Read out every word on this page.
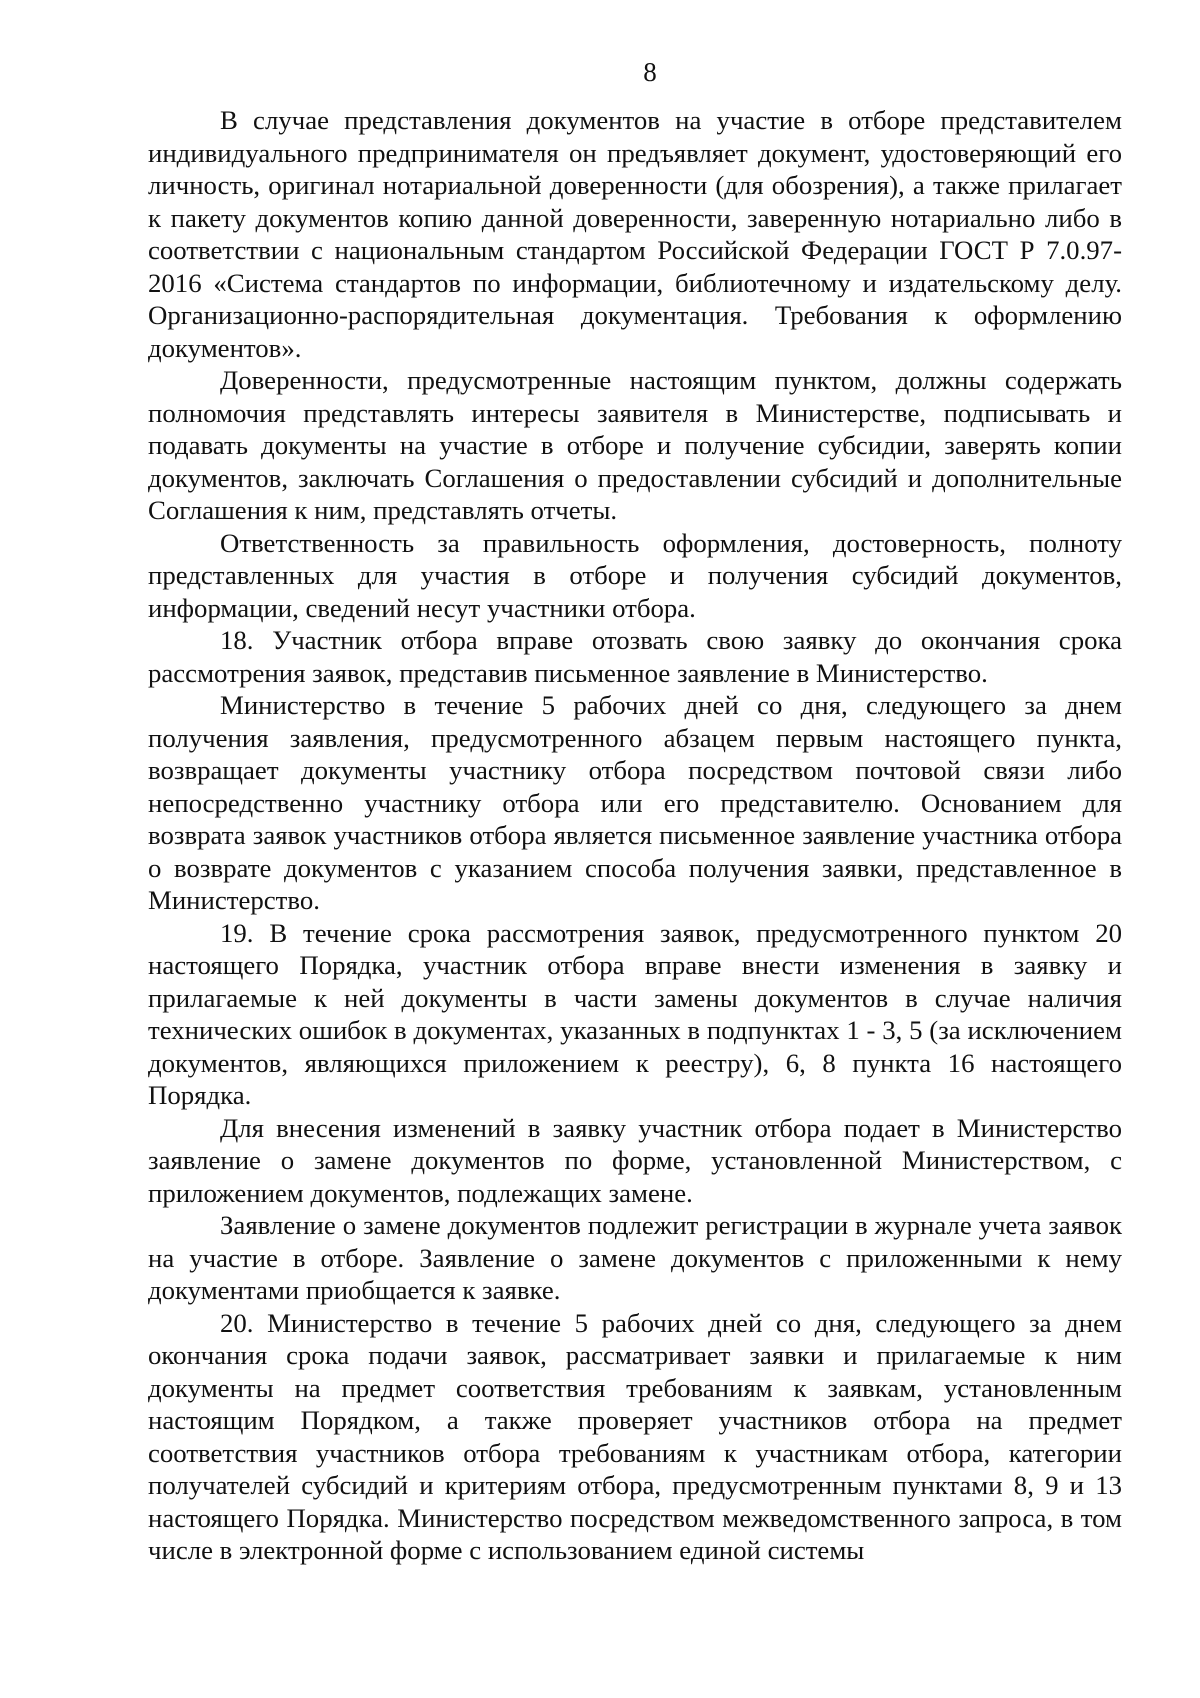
8

В случае представления документов на участие в отборе представителем индивидуального предпринимателя он предъявляет документ, удостоверяющий его личность, оригинал нотариальной доверенности (для обозрения), а также прилагает к пакету документов копию данной доверенности, заверенную нотариально либо в соответствии с национальным стандартом Российской Федерации ГОСТ Р 7.0.97-2016 «Система стандартов по информации, библиотечному и издательскому делу. Организационно-распорядительная документация. Требования к оформлению документов».

Доверенности, предусмотренные настоящим пунктом, должны содержать полномочия представлять интересы заявителя в Министерстве, подписывать и подавать документы на участие в отборе и получение субсидии, заверять копии документов, заключать Соглашения о предоставлении субсидий и дополнительные Соглашения к ним, представлять отчеты.

Ответственность за правильность оформления, достоверность, полноту представленных для участия в отборе и получения субсидий документов, информации, сведений несут участники отбора.

18. Участник отбора вправе отозвать свою заявку до окончания срока рассмотрения заявок, представив письменное заявление в Министерство.

Министерство в течение 5 рабочих дней со дня, следующего за днем получения заявления, предусмотренного абзацем первым настоящего пункта, возвращает документы участнику отбора посредством почтовой связи либо непосредственно участнику отбора или его представителю. Основанием для возврата заявок участников отбора является письменное заявление участника отбора о возврате документов с указанием способа получения заявки, представленное в Министерство.

19. В течение срока рассмотрения заявок, предусмотренного пунктом 20 настоящего Порядка, участник отбора вправе внести изменения в заявку и прилагаемые к ней документы в части замены документов в случае наличия технических ошибок в документах, указанных в подпунктах 1 - 3, 5 (за исключением документов, являющихся приложением к реестру), 6, 8 пункта 16 настоящего Порядка.

Для внесения изменений в заявку участник отбора подает в Министерство заявление о замене документов по форме, установленной Министерством, с приложением документов, подлежащих замене.

Заявление о замене документов подлежит регистрации в журнале учета заявок на участие в отборе. Заявление о замене документов с приложенными к нему документами приобщается к заявке.

20. Министерство в течение 5 рабочих дней со дня, следующего за днем окончания срока подачи заявок, рассматривает заявки и прилагаемые к ним документы на предмет соответствия требованиям к заявкам, установленным настоящим Порядком, а также проверяет участников отбора на предмет соответствия участников отбора требованиям к участникам отбора, категории получателей субсидий и критериям отбора, предусмотренным пунктами 8, 9 и 13 настоящего Порядка. Министерство посредством межведомственного запроса, в том числе в электронной форме с использованием единой системы
